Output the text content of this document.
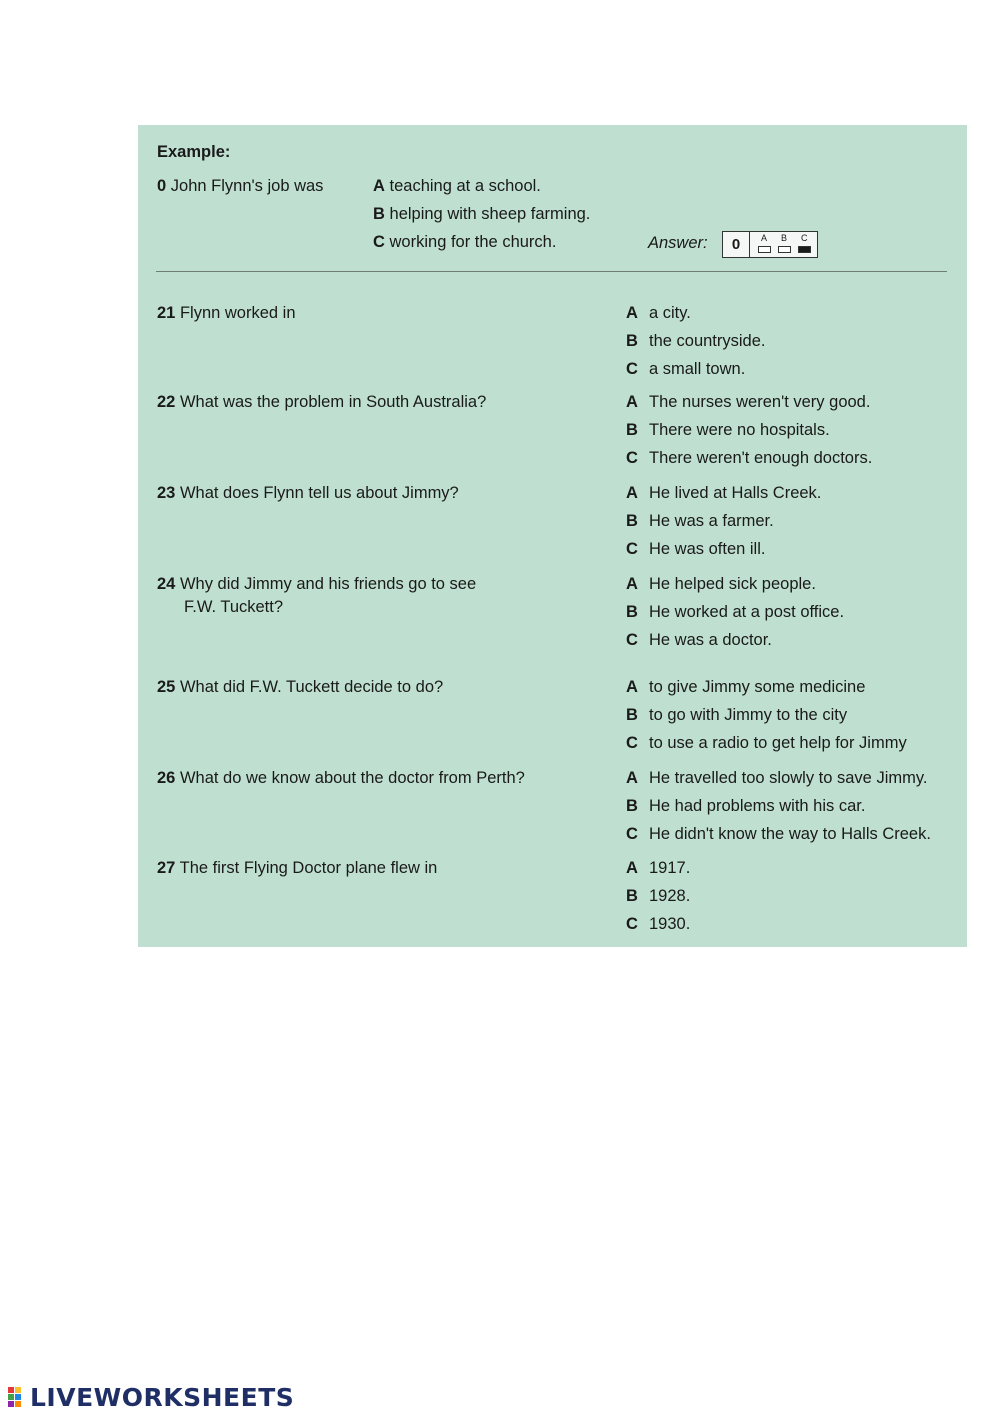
Example:
0 John Flynn's job was	A teaching at a school.
B helping with sheep farming.
C working for the church.	Answer:	0	A B C
21 Flynn worked in	A a city.
B the countryside.
C a small town.
22 What was the problem in South Australia?	A The nurses weren't very good.
B There were no hospitals.
C There weren't enough doctors.
23 What does Flynn tell us about Jimmy?	A He lived at Halls Creek.
B He was a farmer.
C He was often ill.
24 Why did Jimmy and his friends go to see
F.W. Tuckett?
A He helped sick people.
B He worked at a post office.
C He was a doctor.
25 What did F.W. Tuckett decide to do?	A to give Jimmy some medicine
B to go with Jimmy to the city
C to use a radio to get help for Jimmy
26 What do we know about the doctor from Perth?	A He travelled too slowly to save Jimmy.
B He had problems with his car.
C He didn't know the way to Halls Creek.
27 The first Flying Doctor plane flew in	A 1917.
B 1928.
C 1930.
LIVEWORKSHEETS
